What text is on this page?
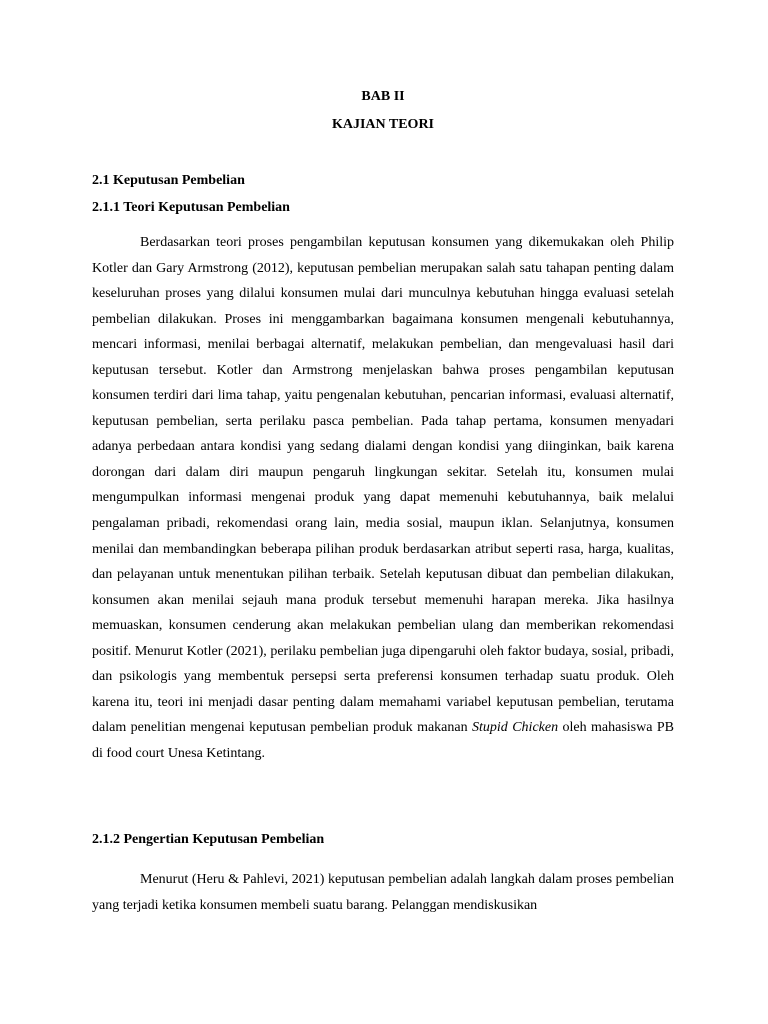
BAB II
KAJIAN TEORI
2.1 Keputusan Pembelian
2.1.1 Teori Keputusan Pembelian

Berdasarkan teori proses pengambilan keputusan konsumen yang dikemukakan oleh Philip Kotler dan Gary Armstrong (2012), keputusan pembelian merupakan salah satu tahapan penting dalam keseluruhan proses yang dilalui konsumen mulai dari munculnya kebutuhan hingga evaluasi setelah pembelian dilakukan. Proses ini menggambarkan bagaimana konsumen mengenali kebutuhannya, mencari informasi, menilai berbagai alternatif, melakukan pembelian, dan mengevaluasi hasil dari keputusan tersebut. Kotler dan Armstrong menjelaskan bahwa proses pengambilan keputusan konsumen terdiri dari lima tahap, yaitu pengenalan kebutuhan, pencarian informasi, evaluasi alternatif, keputusan pembelian, serta perilaku pasca pembelian. Pada tahap pertama, konsumen menyadari adanya perbedaan antara kondisi yang sedang dialami dengan kondisi yang diinginkan, baik karena dorongan dari dalam diri maupun pengaruh lingkungan sekitar. Setelah itu, konsumen mulai mengumpulkan informasi mengenai produk yang dapat memenuhi kebutuhannya, baik melalui pengalaman pribadi, rekomendasi orang lain, media sosial, maupun iklan. Selanjutnya, konsumen menilai dan membandingkan beberapa pilihan produk berdasarkan atribut seperti rasa, harga, kualitas, dan pelayanan untuk menentukan pilihan terbaik. Setelah keputusan dibuat dan pembelian dilakukan, konsumen akan menilai sejauh mana produk tersebut memenuhi harapan mereka. Jika hasilnya memuaskan, konsumen cenderung akan melakukan pembelian ulang dan memberikan rekomendasi positif. Menurut Kotler (2021), perilaku pembelian juga dipengaruhi oleh faktor budaya, sosial, pribadi, dan psikologis yang membentuk persepsi serta preferensi konsumen terhadap suatu produk. Oleh karena itu, teori ini menjadi dasar penting dalam memahami variabel keputusan pembelian, terutama dalam penelitian mengenai keputusan pembelian produk makanan Stupid Chicken oleh mahasiswa PB di food court Unesa Ketintang.

2.1.2 Pengertian Keputusan Pembelian

Menurut (Heru & Pahlevi, 2021) keputusan pembelian adalah langkah dalam proses pembelian yang terjadi ketika konsumen membeli suatu barang. Pelanggan mendiskusikan
